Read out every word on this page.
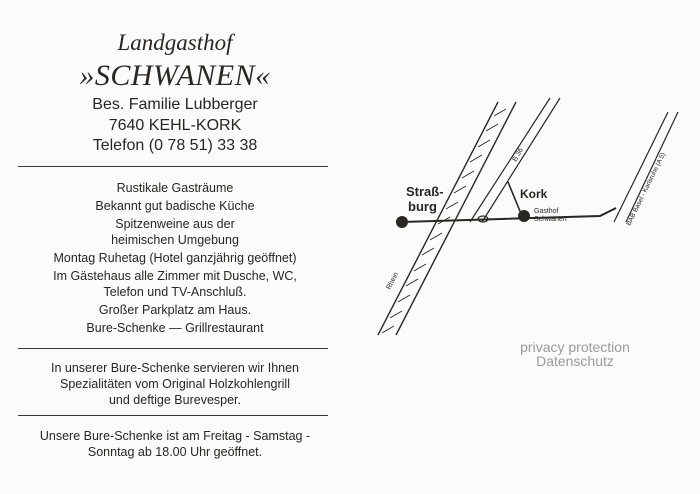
Landgasthof
»SCHWANEN«
Bes. Familie Lubberger
7640 KEHL-KORK
Telefon (0 78 51) 33 38
Rustikale Gasträume
Bekannt gut badische Küche
Spitzenweine aus der
heimischen Umgebung
Montag Ruhetag (Hotel ganzjährig geöffnet)
Im Gästehaus alle Zimmer mit Dusche, WC,
Telefon und TV-Anschluß.
Großer Parkplatz am Haus.
Bure-Schenke — Grillrestaurant
In unserer Bure-Schenke servieren wir Ihnen
Spezialitäten vom Original Holzkohlengrill
und deftige Burevesper.
Unsere Bure-Schenke ist am Freitag - Samstag -
Sonntag ab 18.00 Uhr geöffnet.
Straß-
burg
Kork
Gasthof
Schwanen
B 36
Rhein
BAB Basel - Karlsruhe (A 5)
privacy protection
Datenschutz
